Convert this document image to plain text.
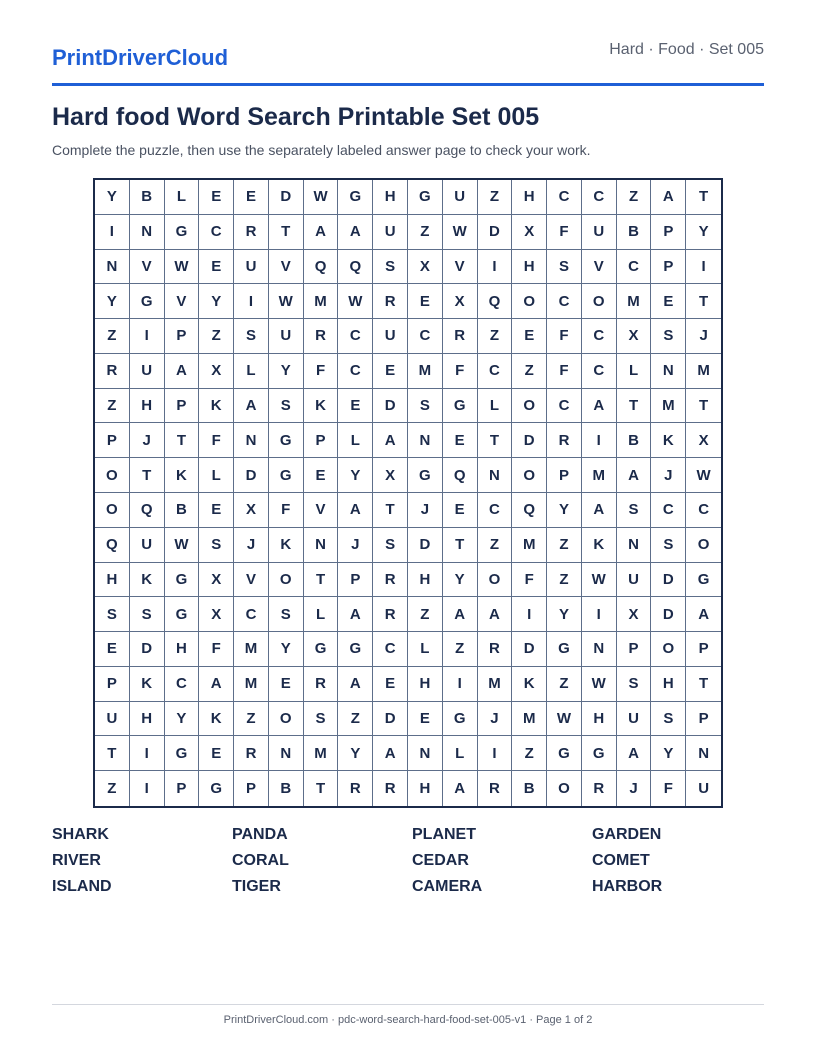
PrintDriverCloud	Hard · Food · Set 005
Hard food Word Search Printable Set 005
Complete the puzzle, then use the separately labeled answer page to check your work.
Y	B	L	E	E	D	W	G	H	G	U	Z	H	C	C	Z	A	T
I	N	G	C	R	T	A	A	U	Z	W	D	X	F	U	B	P	Y
N	V	W	E	U	V	Q	Q	S	X	V	I	H	S	V	C	P	I
Y	G	V	Y	I	W	M	W	R	E	X	Q	O	C	O	M	E	T
Z	I	P	Z	S	U	R	C	U	C	R	Z	E	F	C	X	S	J
R	U	A	X	L	Y	F	C	E	M	F	C	Z	F	C	L	N	M
Z	H	P	K	A	S	K	E	D	S	G	L	O	C	A	T	M	T
P	J	T	F	N	G	P	L	A	N	E	T	D	R	I	B	K	X
O	T	K	L	D	G	E	Y	X	G	Q	N	O	P	M	A	J	W
O	Q	B	E	X	F	V	A	T	J	E	C	Q	Y	A	S	C	C
Q	U	W	S	J	K	N	J	S	D	T	Z	M	Z	K	N	S	O
H	K	G	X	V	O	T	P	R	H	Y	O	F	Z	W	U	D	G
S	S	G	X	C	S	L	A	R	Z	A	A	I	Y	I	X	D	A
E	D	H	F	M	Y	G	G	C	L	Z	R	D	G	N	P	O	P
P	K	C	A	M	E	R	A	E	H	I	M	K	Z	W	S	H	T
U	H	Y	K	Z	O	S	Z	D	E	G	J	M	W	H	U	S	P
T	I	G	E	R	N	M	Y	A	N	L	I	Z	G	G	A	Y	N
Z	I	P	G	P	B	T	R	R	H	A	R	B	O	R	J	F	U
SHARK	PANDA	PLANET	GARDEN
RIVER	CORAL	CEDAR	COMET
ISLAND	TIGER	CAMERA	HARBOR
PrintDriverCloud.com · pdc-word-search-hard-food-set-005-v1 · Page 1 of 2
